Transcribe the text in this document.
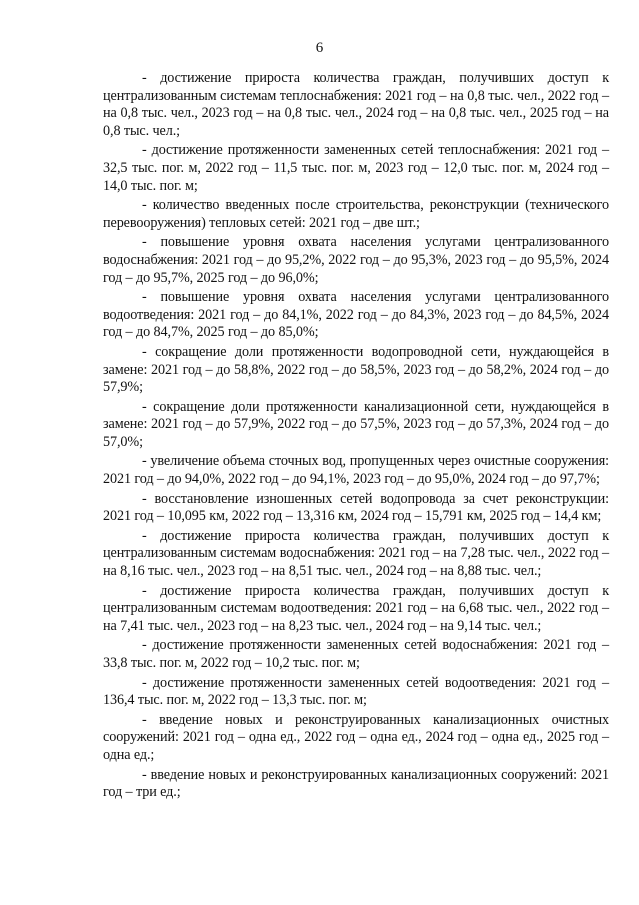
6

- достижение прироста количества граждан, получивших доступ к централизованным системам теплоснабжения: 2021 год – на 0,8 тыс. чел., 2022 год – на 0,8 тыс. чел., 2023 год – на 0,8 тыс. чел., 2024 год – на 0,8 тыс. чел., 2025 год – на 0,8 тыс. чел.;

- достижение протяженности замененных сетей теплоснабжения: 2021 год – 32,5 тыс. пог. м, 2022 год – 11,5 тыс. пог. м, 2023 год – 12,0 тыс. пог. м, 2024 год – 14,0 тыс. пог. м;

- количество введенных после строительства, реконструкции (технического перевооружения) тепловых сетей: 2021 год – две шт.;

- повышение уровня охвата населения услугами централизованного водоснабжения: 2021 год – до 95,2%, 2022 год – до 95,3%, 2023 год – до 95,5%, 2024 год – до 95,7%, 2025 год – до 96,0%;

- повышение уровня охвата населения услугами централизованного водоотведения: 2021 год – до 84,1%, 2022 год – до 84,3%, 2023 год – до 84,5%, 2024 год – до 84,7%, 2025 год – до 85,0%;

- сокращение доли протяженности водопроводной сети, нуждающейся в замене: 2021 год – до 58,8%, 2022 год – до 58,5%, 2023 год – до 58,2%, 2024 год – до 57,9%;

- сокращение доли протяженности канализационной сети, нуждающейся в замене: 2021 год – до 57,9%, 2022 год – до 57,5%, 2023 год – до 57,3%, 2024 год – до 57,0%;

- увеличение объема сточных вод, пропущенных через очистные сооружения: 2021 год – до 94,0%, 2022 год – до 94,1%, 2023 год – до 95,0%, 2024 год – до 97,7%;

- восстановление изношенных сетей водопровода за счет реконструкции: 2021 год – 10,095 км, 2022 год – 13,316 км, 2024 год – 15,791 км, 2025 год – 14,4 км;

- достижение прироста количества граждан, получивших доступ к централизованным системам водоснабжения: 2021 год – на 7,28 тыс. чел., 2022 год – на 8,16 тыс. чел., 2023 год – на 8,51 тыс. чел., 2024 год – на 8,88 тыс. чел.;

- достижение прироста количества граждан, получивших доступ к централизованным системам водоотведения: 2021 год – на 6,68 тыс. чел., 2022 год – на 7,41 тыс. чел., 2023 год – на 8,23 тыс. чел., 2024 год – на 9,14 тыс. чел.;

- достижение протяженности замененных сетей водоснабжения: 2021 год – 33,8 тыс. пог. м, 2022 год – 10,2 тыс. пог. м;

- достижение протяженности замененных сетей водоотведения: 2021 год – 136,4 тыс. пог. м, 2022 год – 13,3 тыс. пог. м;

- введение новых и реконструированных канализационных очистных сооружений: 2021 год – одна ед., 2022 год – одна ед., 2024 год – одна ед., 2025 год – одна ед.;

- введение новых и реконструированных канализационных сооружений: 2021 год – три ед.;
